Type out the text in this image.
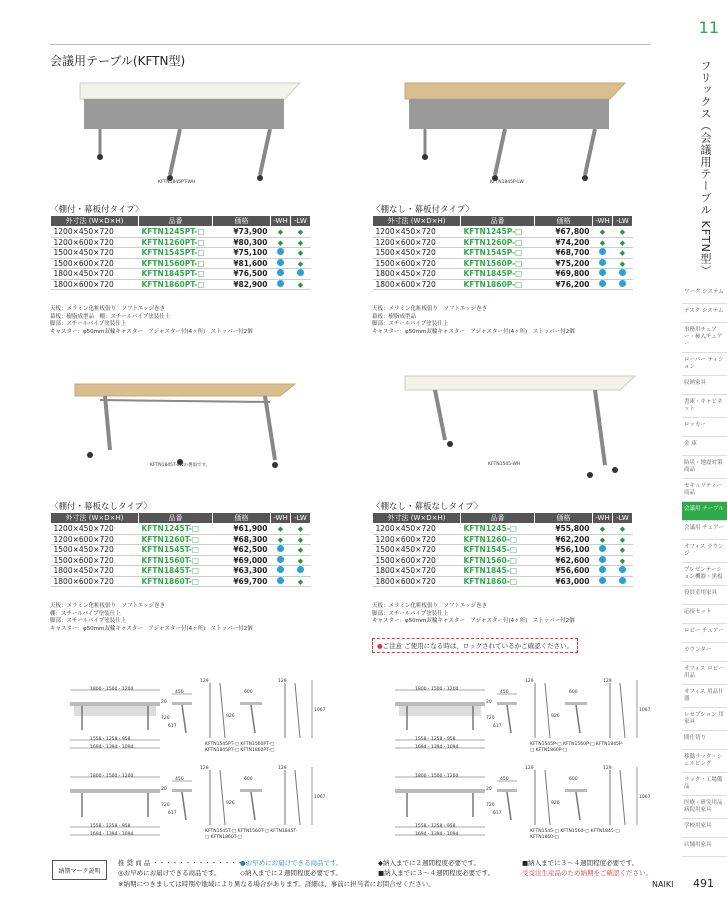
11
フリックス（会議用テーブル KFTN型）
会議用テーブル(KFTN型)
ワーク システム
デスク システム
事務用チェアー・極入チェアー
ローパー ティション
収納家具
書庫・キャビネット
ロッカー
金 庫
防災・地震対策商品
セキュリティー 商品
会議用 テーブル
会議用 チェアー
オフィス ラウンジ
プレゼンテーション機器・黒板
役員室用家具
応接セット
ロビー チェアー
カウンター
オフィス ロビー用品
オフィス 用品什器
レセプション 用家具
間仕切り
移動ラック・シェルビング
ラック・工場備品
医療・研究用品 病院用家具
学校用家具
店舗用家具
KFTN1845PT-WH	KFTN1845P-LW
KFTN1845T-LWの裏面です。	KFTN1545-WH
〈棚付・幕板付タイプ〉	〈棚なし・幕板付タイプ〉
〈棚付・幕板なしタイプ〉	〈棚なし・幕板なしタイプ〉
外寸法 (W×D×H)	品番	価格	-WH	-LW
1200×450×720	KFTN1245PT-□	¥73,900	◆	◆
1200×600×720	KFTN1260PT-□	¥80,300	◆	◆
1500×450×720	KFTN1545PT-□	¥75,100		◆
1500×600×720	KFTN1560PT-□	¥81,600		◆
1800×450×720	KFTN1845PT-□	¥76,500		
1800×600×720	KFTN1860PT-□	¥82,900		◆
外寸法 (W×D×H)	品番	価格	-WH	-LW
1200×450×720	KFTN1245P-□	¥67,800	◆	◆
1200×600×720	KFTN1260P-□	¥74,200	◆	◆
1500×450×720	KFTN1545P-□	¥68,700		◆
1500×600×720	KFTN1560P-□	¥75,200		◆
1800×450×720	KFTN1845P-□	¥69,800		
1800×600×720	KFTN1860P-□	¥76,200		
外寸法 (W×D×H)	品番	価格	-WH	-LW
1200×450×720	KFTN1245T-□	¥61,900	◆	◆
1200×600×720	KFTN1260T-□	¥68,300	◆	◆
1500×450×720	KFTN1545T-□	¥62,500		◆
1500×600×720	KFTN1560T-□	¥69,000		◆
1800×450×720	KFTN1845T-□	¥63,300		
1800×600×720	KFTN1860T-□	¥69,700		◆
外寸法 (W×D×H)	品番	価格	-WH	-LW
1200×450×720	KFTN1245-□	¥55,800	◆	◆
1200×600×720	KFTN1260-□	¥62,200	◆	◆
1500×450×720	KFTN1545-□	¥56,100		◆
1500×600×720	KFTN1560-□	¥62,600		◆
1800×450×720	KFTN1845-□	¥56,600		
1800×600×720	KFTN1860-□	¥63,000		
天板：メラミン化粧板張り　ソフトエッジ巻き
幕板：樹脂成型品　棚：スチールパイプ塗装仕上
脚部：スチールパイプ塗装仕上
キャスター：φ50mm双輪キャスター　アジャスター付(4ヶ所)　ストッパー付2個
天板：メラミン化粧板張り　ソフトエッジ巻き
幕板：樹脂成型品
脚部：スチールパイプ塗装仕上
キャスター：φ50mm双輪キャスター　アジャスター付(4ヶ所)　ストッパー付2個
天板：メラミン化粧板張り　ソフトエッジ巻き
棚：スチールパイプ塗装仕上
脚部：スチールパイプ塗装仕上
キャスター：φ50mm双輪キャスター　アジャスター付(4ヶ所)　ストッパー付2個
天板：メラミン化粧板張り　ソフトエッジ巻き
脚部：スチールパイプ塗装仕上
キャスター：φ50mm双輪キャスター　アジャスター付(4ヶ所)　ストッパー付2個
●ご注意 ご使用になる時は、ロックされているかご確認ください。
1800・1500・1200
20
720
1558・1258・958
1694・1394・1094
450
617
129
926
600
129
1067
KFTN1545PT-□ KFTN1560PT-□ KFTN1845PT-□ KFTN1860PT-□
1800・1500・1200
20
720
1558・1258・958
1694・1394・1094
450
617
129
926
600
129
1067
KFTN1545P-□ KFTN1560P-□ KFTN1845P-□ KFTN1860P-□
1800・1500・1200
20
720
1558・1258・958
1694・1394・1094
450
617
129
926
600
129
1067
KFTN1545T-□ KFTN1560T-□ KFTN1845T-□ KFTN1860T-□
1800・1500・1200
20
720
1558・1258・958
1694・1394・1094
450
617
129
926
600
129
1067
KFTN1545-□ KFTN1560-□ KFTN1845-□ KFTN1860-□
納期マーク説明
推 奨 商 品 ・・・・・・・・・・・・・・・
●お早めにお届けできる商品です。	◆納入までに２週間程度必要です。	■納入までに３～４週間程度必要です。
◎お早めにお届けできる商品です。	◇納入までに２週間程度必要です。	■納入までに３～４週間程度必要です。	受受注生産品のため納期をご確認ください。
※納期につきましては時期や地域により異なる場合があります。詳細は、事前に担当者にお問合せください。	NAIKI 491
